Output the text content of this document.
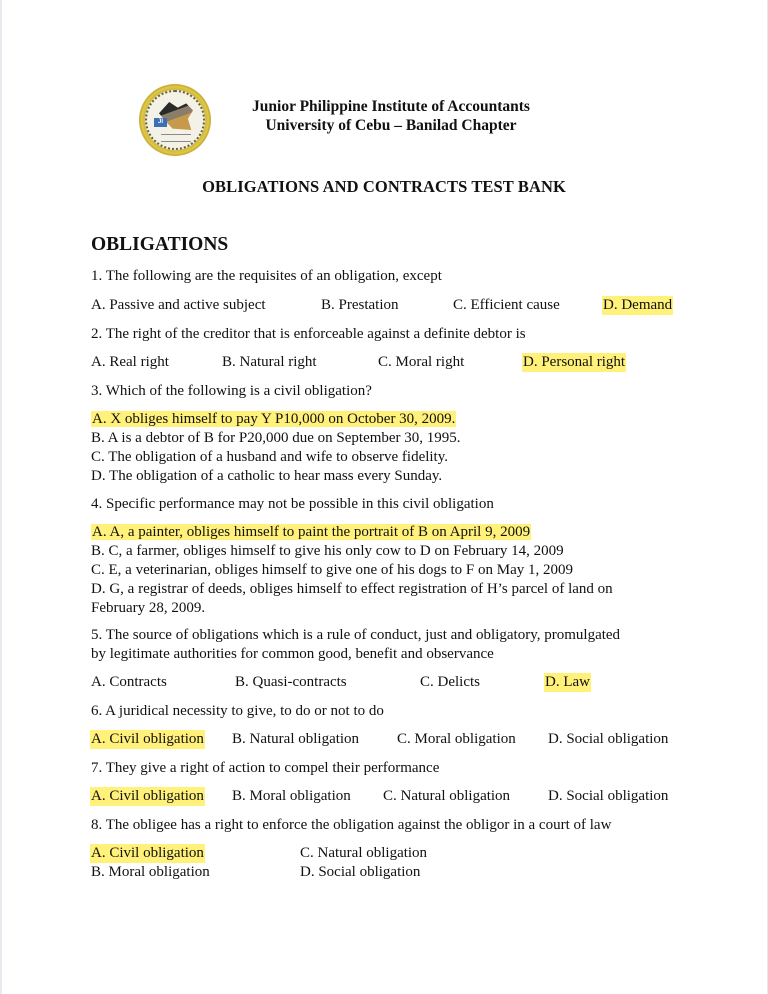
JI
Junior Philippine Institute of Accountants
University of Cebu – Banilad Chapter
OBLIGATIONS AND CONTRACTS TEST BANK
OBLIGATIONS
1. The following are the requisites of an obligation, except
A. Passive and active subject	B. Prestation	C. Efficient cause	D. Demand
2. The right of the creditor that is enforceable against a definite debtor is
A. Real right	B. Natural right	C. Moral right	D. Personal right
3. Which of the following is a civil obligation?
A. X obliges himself to pay Y P10,000 on October 30, 2009.
B. A is a debtor of B for P20,000 due on September 30, 1995.
C. The obligation of a husband and wife to observe fidelity.
D. The obligation of a catholic to hear mass every Sunday.
4. Specific performance may not be possible in this civil obligation
A. A, a painter, obliges himself to paint the portrait of B on April 9, 2009
B. C, a farmer, obliges himself to give his only cow to D on February 14, 2009
C. E, a veterinarian, obliges himself to give one of his dogs to F on May 1, 2009
D. G, a registrar of deeds, obliges himself to effect registration of H’s parcel of land on
February 28, 2009.
5. The source of obligations which is a rule of conduct, just and obligatory, promulgated
by legitimate authorities for common good, benefit and observance
A. Contracts	B. Quasi-contracts	C. Delicts	D. Law
6. A juridical necessity to give, to do or not to do
A. Civil obligation B. Natural obligation	C. Moral obligation D. Social obligation
7. They give a right of action to compel their performance
A. Civil obligation B. Moral obligation C. Natural obligation	D. Social obligation
8. The obligee has a right to enforce the obligation against the obligor in a court of law
A. Civil obligation
B. Moral obligation
C. Natural obligation
D. Social obligation
